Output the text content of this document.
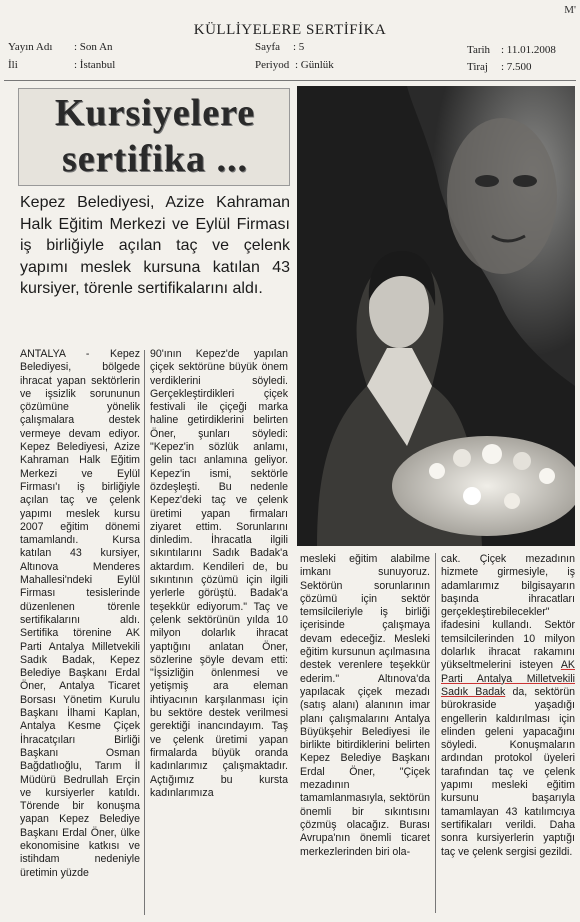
M'
KÜLLİYELERE SERTİFİKA
Yayın Adı	: Son An
İli	: İstanbul
Sayfa	: 5
Periyod : Günlük
Tarih : 11.01.2008
Tiraj	: 7.500
Kursiyelere
sertifika ...
Kepez Belediyesi, Azize Kahraman Halk Eğitim Merkezi ve Eylül Firması iş birliğiyle açılan taç ve çelenk yapımı meslek kursuna katılan 43 kursiyer, törenle sertifikalarını aldı.

ANTALYA - Kepez Belediyesi, bölgede ihracat yapan sektörlerin ve işsizlik sorununun çözümüne yönelik çalışmalara destek vermeye devam ediyor. Kepez Belediyesi, Azize Kahraman Halk Eğitim Merkezi ve Eylül Firması'ı iş birliğiyle açılan taç ve çelenk yapımı meslek kursu 2007 eğitim dönemi tamamlandı. Kursa katılan 43 kursiyer, Altınova Menderes Mahallesi'ndeki Eylül Firması tesislerinde düzenlenen törenle sertifikalarını aldı. Sertifika törenine AK Parti Antalya Milletvekili Sadık Badak, Kepez Belediye Başkanı Erdal Öner, Antalya Ticaret Borsası Yönetim Kurulu Başkanı İlhami Kaplan, Antalya Kesme Çiçek İhracatçıları Birliği Başkanı Osman Bağdatlıoğlu, Tarım İl Müdürü Bedrullah Erçin ve kursiyerler katıldı. Törende bir konuşma yapan Kepez Belediye Başkanı Erdal Öner, ülke ekonomisine katkısı ve istihdam nedeniyle üretimin yüzde

90'ının Kepez'de yapılan çiçek sektörüne büyük önem verdiklerini söyledi. Gerçekleştirdikleri çiçek festivali ile çiçeği marka haline getirdiklerini belirten Öner, şunları söyledi: "Kepez'in sözlük anlamı, gelin tacı anlamına geliyor. Kepez'in ismi, sektörle özdeşleşti. Bu nedenle Kepez'deki taç ve çelenk üretimi yapan firmaları ziyaret ettim. Sorunlarını dinledim. İhracatla ilgili sıkıntılarını Sadık Badak'a aktardım. Kendileri de, bu sıkıntının çözümü için ilgili yerlerle görüştü. Badak'a teşekkür ediyorum." Taç ve çelenk sektörünün yılda 10 milyon dolarlık ihracat yaptığını anlatan Öner, sözlerine şöyle devam etti: "İşsizliğin önlenmesi ve yetişmiş ara eleman ihtiyacının karşılanması için bu sektöre destek verilmesi gerektiği inancındayım. Taş ve çelenk üretimi yapan firmalarda büyük oranda kadınlarımız çalışmaktadır. Açtığımız bu kursta kadınlarımıza

mesleki eğitim alabilme imkanı sunuyoruz. Sektörün sorunlarının çözümü için sektör temsilcileriyle iş birliği içerisinde çalışmaya devam edeceğiz. Mesleki eğitim kursunun açılmasına destek verenlere teşekkür ederim." Altınova'da yapılacak çiçek mezadı (satış alanı) alanının imar planı çalışmalarını Antalya Büyükşehir Belediyesi ile birlikte bitirdiklerini belirten Kepez Belediye Başkanı Erdal Öner, "Çiçek mezadının tamamlanmasıyla, sektörün önemli bir sıkıntısını çözmüş olacağız. Burası Avrupa'nın önemli ticaret merkezlerinden biri ola-

cak. Çiçek mezadının hizmete girmesiyle, iş adamlarımız bilgisayarın başında ihracatları gerçekleştirebilecekler" ifadesini kullandı. Sektör temsilcilerinden 10 milyon dolarlık ihracat rakamını yükseltmelerini isteyen AK Parti Antalya Milletvekili Sadık Badak da, sektörün bürokraside yaşadığı engellerin kaldırılması için elinden geleni yapacağını söyledi. Konuşmaların ardından protokol üyeleri tarafından taç ve çelenk yapımı mesleki eğitim kursunu başarıyla tamamlayan 43 katılımcıya sertifikaları verildi. Daha sonra kursiyerlerin yaptığı taç ve çelenk sergisi gezildi.
